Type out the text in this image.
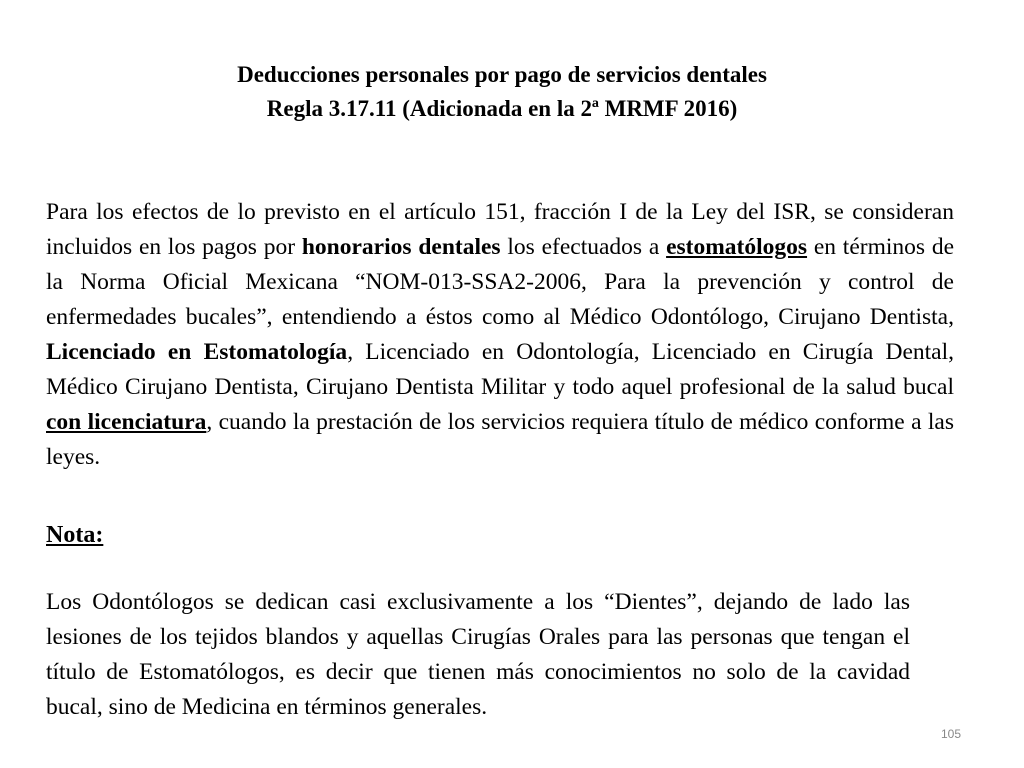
Deducciones personales por pago de servicios dentales
Regla 3.17.11 (Adicionada en la 2ª MRMF 2016)

Para los efectos de lo previsto en el artículo 151, fracción I de la Ley del ISR, se consideran incluidos en los pagos por honorarios dentales los efectuados a estomatólogos en términos de la Norma Oficial Mexicana “NOM-013-SSA2-2006, Para la prevención y control de enfermedades bucales”, entendiendo a éstos como al Médico Odontólogo, Cirujano Dentista, Licenciado en Estomatología, Licenciado en Odontología, Licenciado en Cirugía Dental, Médico Cirujano Dentista, Cirujano Dentista Militar y todo aquel profesional de la salud bucal con licenciatura, cuando la prestación de los servicios requiera título de médico conforme a las leyes.

Nota:

Los Odontólogos se dedican casi exclusivamente a los “Dientes”, dejando de lado las lesiones de los tejidos blandos y aquellas Cirugías Orales para las personas que tengan el título de Estomatólogos, es decir que tienen más conocimientos no solo de la cavidad bucal, sino de Medicina en términos generales.

105
